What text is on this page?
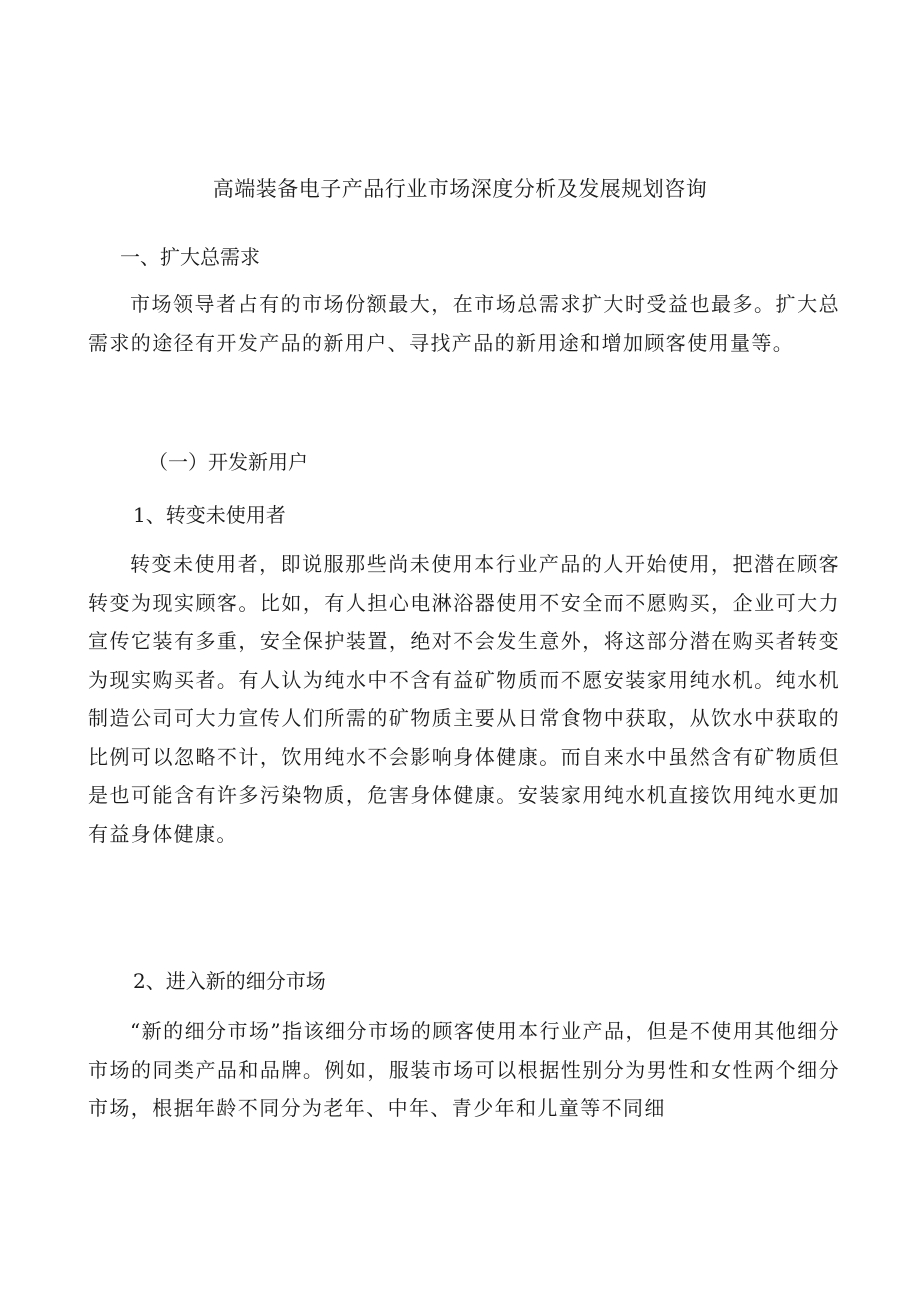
高端装备电子产品行业市场深度分析及发展规划咨询

一、扩大总需求

市场领导者占有的市场份额最大，在市场总需求扩大时受益也最多。扩大总需求的途径有开发产品的新用户、寻找产品的新用途和增加顾客使用量等。

（一）开发新用户

1、转变未使用者

转变未使用者，即说服那些尚未使用本行业产品的人开始使用，把潜在顾客转变为现实顾客。比如，有人担心电淋浴器使用不安全而不愿购买，企业可大力宣传它装有多重，安全保护装置，绝对不会发生意外，将这部分潜在购买者转变为现实购买者。有人认为纯水中不含有益矿物质而不愿安装家用纯水机。纯水机制造公司可大力宣传人们所需的矿物质主要从日常食物中获取，从饮水中获取的比例可以忽略不计，饮用纯水不会影响身体健康。而自来水中虽然含有矿物质但是也可能含有许多污染物质，危害身体健康。安装家用纯水机直接饮用纯水更加有益身体健康。

2、进入新的细分市场

“新的细分市场”指该细分市场的顾客使用本行业产品，但是不使用其他细分市场的同类产品和品牌。例如，服装市场可以根据性别分为男性和女性两个细分市场，根据年龄不同分为老年、中年、青少年和儿童等不同细
